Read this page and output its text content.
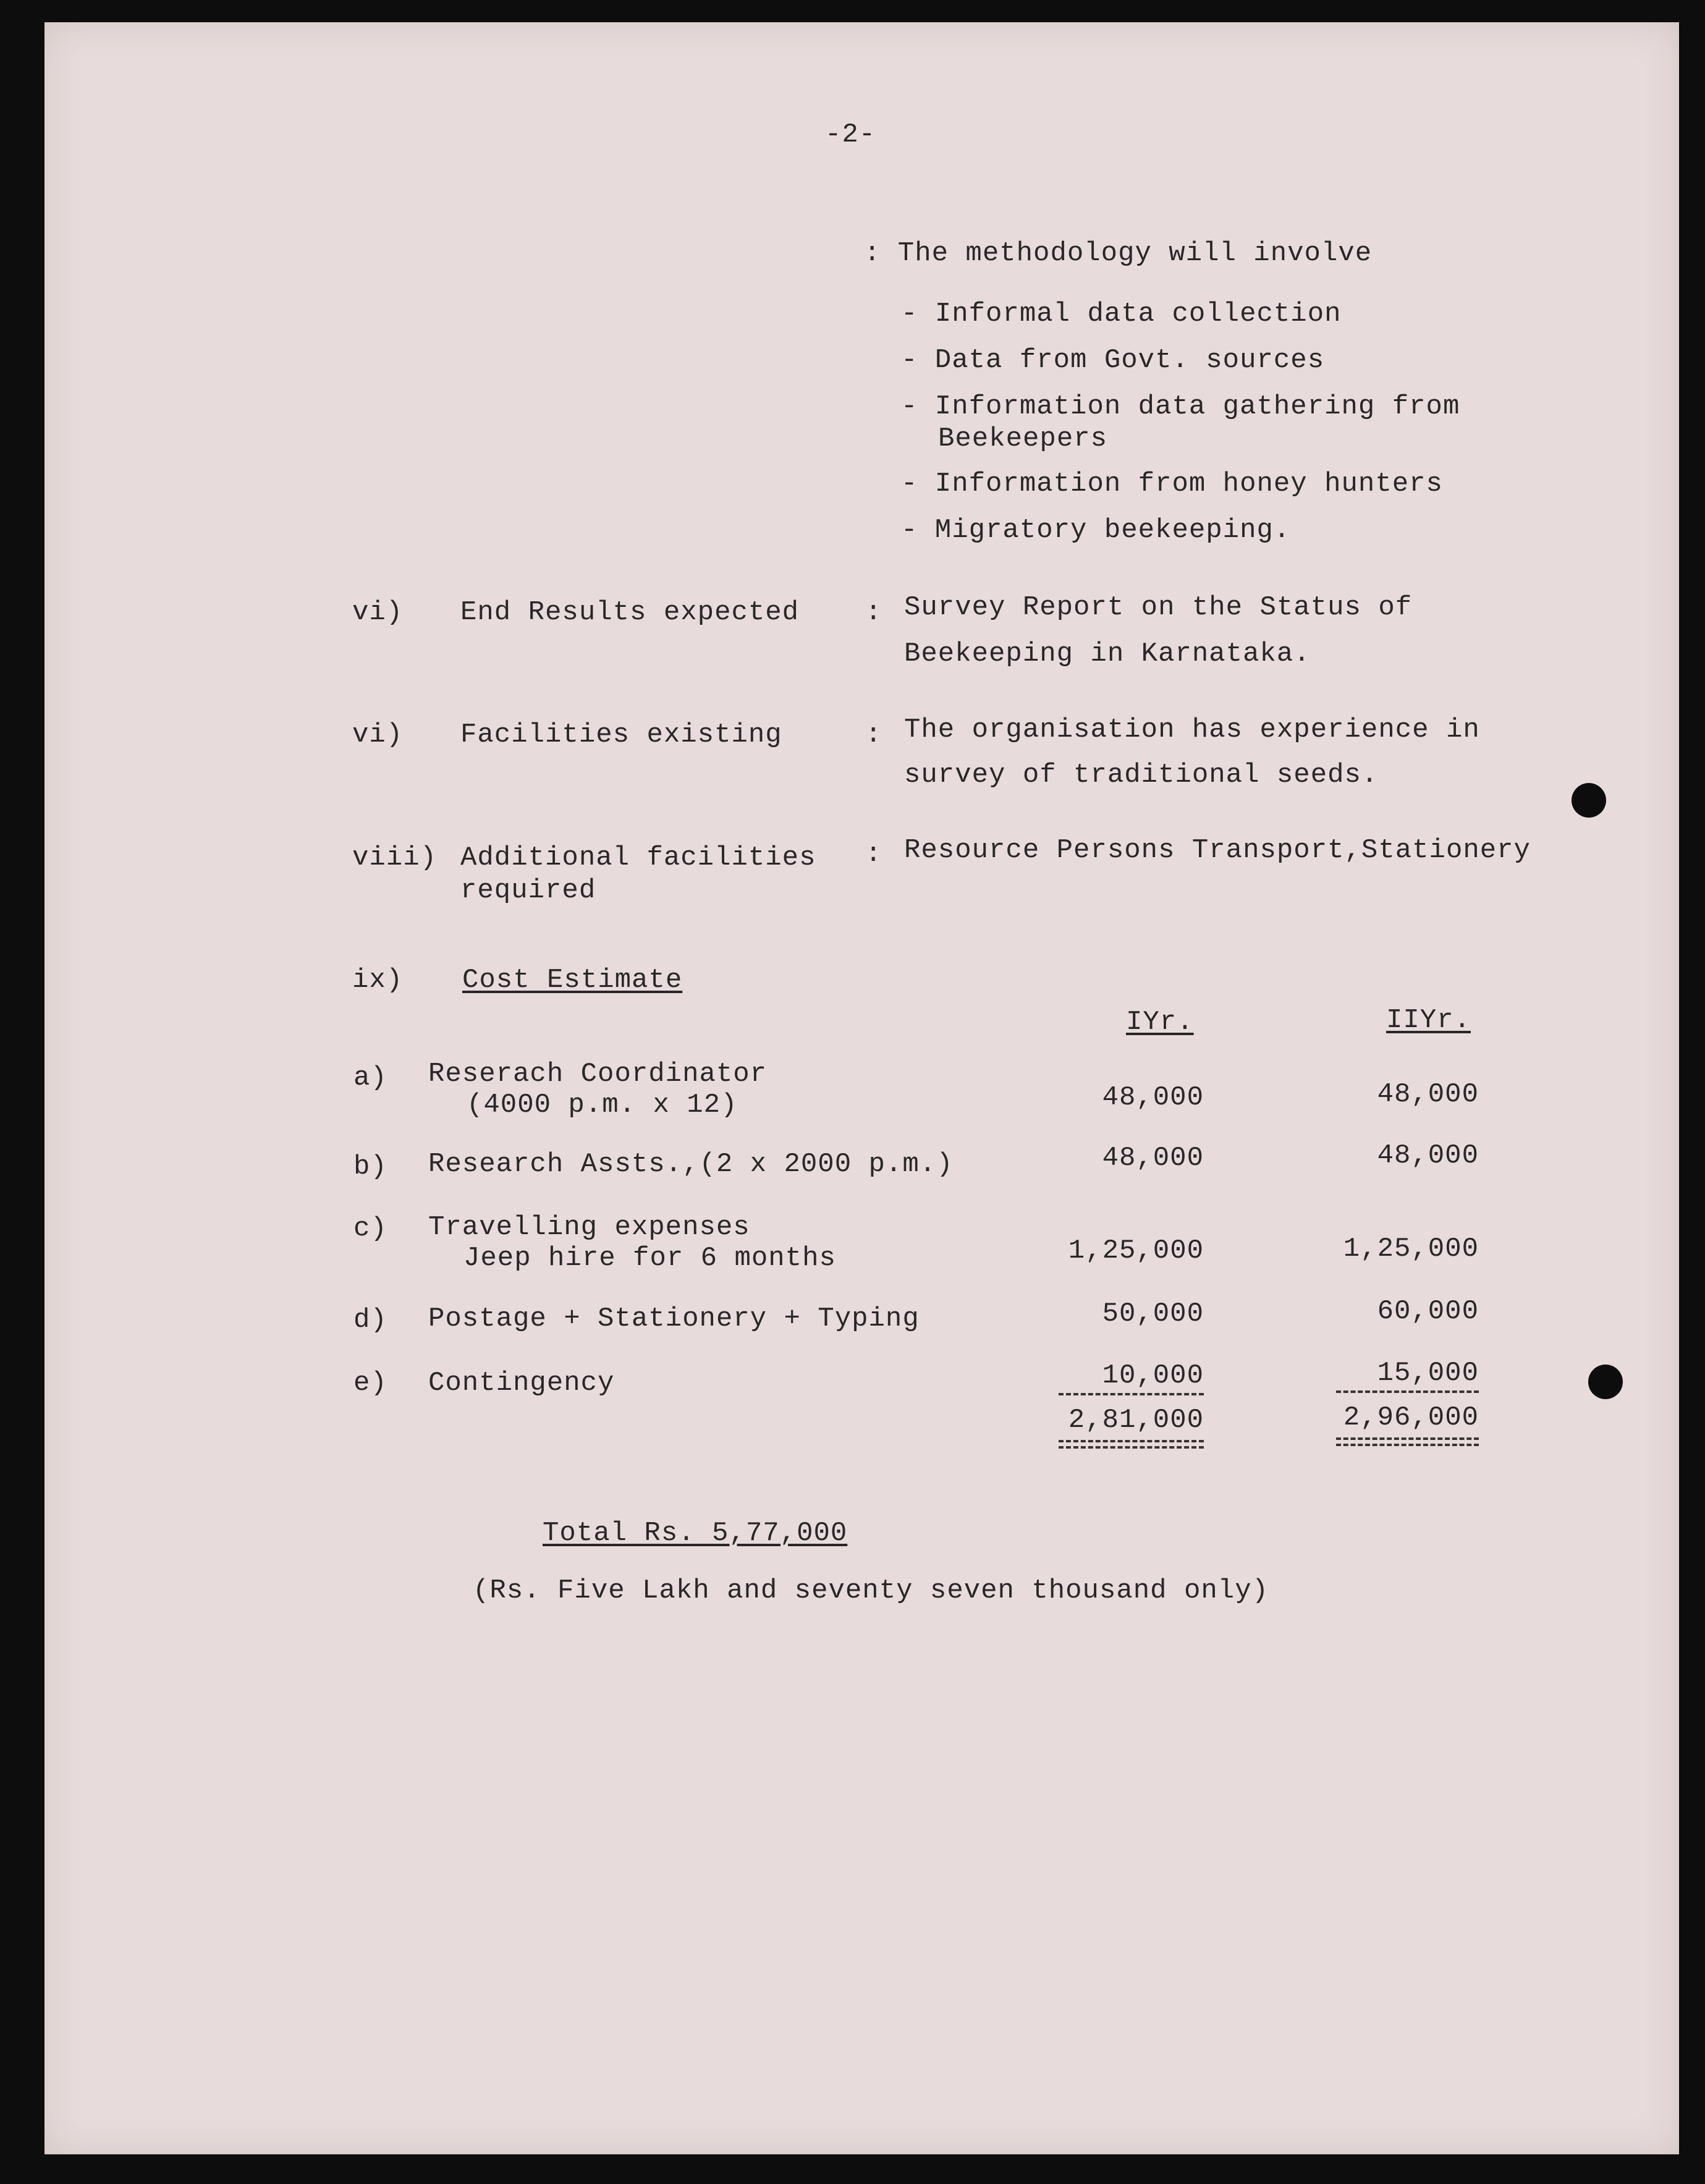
-2-
: The methodology will involve
- Informal data collection
- Data from Govt. sources
- Information data gathering from
Beekeepers
- Information from honey hunters
- Migratory beekeeping.
vi) End Results expected : Survey Report on the Status of
Beekeeping in Karnataka.
vi) Facilities existing	: The organisation has experience in
survey of traditional seeds.
viii) Additional facilities
required
: Resource Persons Transport,Stationery
ix) Cost Estimate
IYr.	IIYr.
a) Reserach Coordinator
(4000 p.m. x 12)	48,000	48,000
b) Research Assts.,(2 x 2000 p.m.)	48,000	48,000
c) Travelling expenses
Jeep hire for 6 months	1,25,000	1,25,000
d) Postage + Stationery + Typing	50,000	60,000
e) Contingency	10,000	15,000
2,81,000	2,96,000
Total Rs. 5,77,000
(Rs. Five Lakh and seventy seven thousand only)
